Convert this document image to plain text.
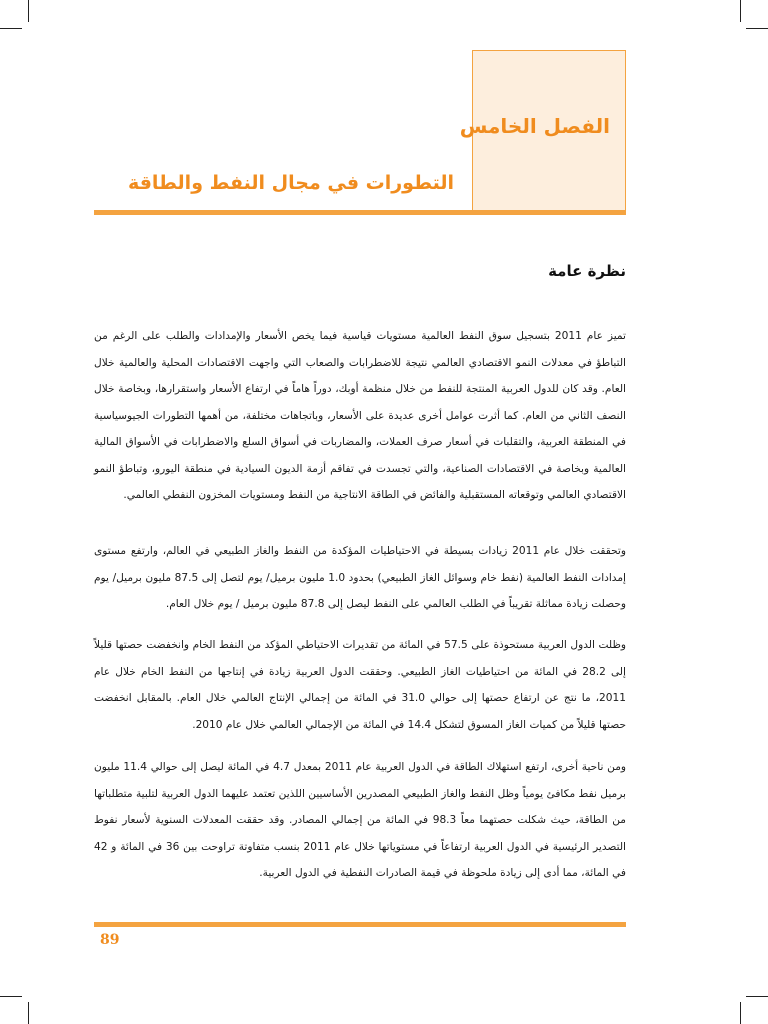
الفصل الخامس
التطورات في مجال النفط والطاقة
نظرة عامة
تميز عام 2011 بتسجيل سوق النفط العالمية مستويات قياسية فيما يخص الأسعار والإمدادات والطلب على الرغم من التباطؤ في معدلات النمو الاقتصادي العالمي نتيجة للاضطرابات والصعاب التي واجهت الاقتصادات المحلية والعالمية خلال العام. وقد كان للدول العربية المنتجة للنفط من خلال منظمة أوبك، دوراً هاماً في ارتفاع الأسعار واستقرارها، وبخاصة خلال النصف الثاني من العام. كما أثرت عوامل أخرى عديدة على الأسعار، وباتجاهات مختلفة، من أهمها التطورات الجيوسياسية في المنطقة العربية، والتقلبات في أسعار صرف العملات، والمضاربات في أسواق السلع والاضطرابات في الأسواق المالية العالمية وبخاصة في الاقتصادات الصناعية، والتي تجسدت في تفاقم أزمة الديون السيادية في منطقة اليورو، وتباطؤ النمو الاقتصادي العالمي وتوقعاته المستقبلية والفائض في الطاقة الانتاجية من النفط ومستويات المخزون النفطي العالمي.
وتحققت خلال عام 2011 زيادات بسيطة في الاحتياطيات المؤكدة من النفط والغاز الطبيعي في العالم، وارتفع مستوى إمدادات النفط العالمية (نفط خام وسوائل الغاز الطبيعي) بحدود 1.0 مليون برميل/ يوم لتصل إلى 87.5 مليون برميل/ يوم وحصلت زيادة مماثلة تقريباً في الطلب العالمي على النفط ليصل إلى 87.8 مليون برميل / يوم خلال العام.
وظلت الدول العربية مستحوذة على 57.5 في المائة من تقديرات الاحتياطي المؤكد من النفط الخام وانخفضت حصتها قليلاً إلى 28.2 في المائة من احتياطيات الغاز الطبيعي. وحققت الدول العربية زيادة في إنتاجها من النفط الخام خلال عام 2011، ما نتج عن ارتفاع حصتها إلى حوالي 31.0 في المائة من إجمالي الإنتاج العالمي خلال العام. بالمقابل انخفضت حصتها قليلاً من كميات الغاز المسوق لتشكل 14.4 في المائة من الإجمالي العالمي خلال عام 2010.
ومن ناحية أخرى، ارتفع استهلاك الطاقة في الدول العربية عام 2011 بمعدل 4.7 في المائة ليصل إلى حوالي 11.4 مليون برميل نفط مكافئ يومياً وظل النفط والغاز الطبيعي المصدرين الأساسيين اللذين تعتمد عليهما الدول العربية لتلبية متطلباتها من الطاقة، حيث شكلت حصتهما معاً 98.3 في المائة من إجمالي المصادر. وقد حققت المعدلات السنوية لأسعار نفوط التصدير الرئيسية في الدول العربية ارتفاعاً في مستوياتها خلال عام 2011 بنسب متفاوتة تراوحت بين 36 في المائة و 42 في المائة، مما أدى إلى زيادة ملحوظة في قيمة الصادرات النفطية في الدول العربية.
89
